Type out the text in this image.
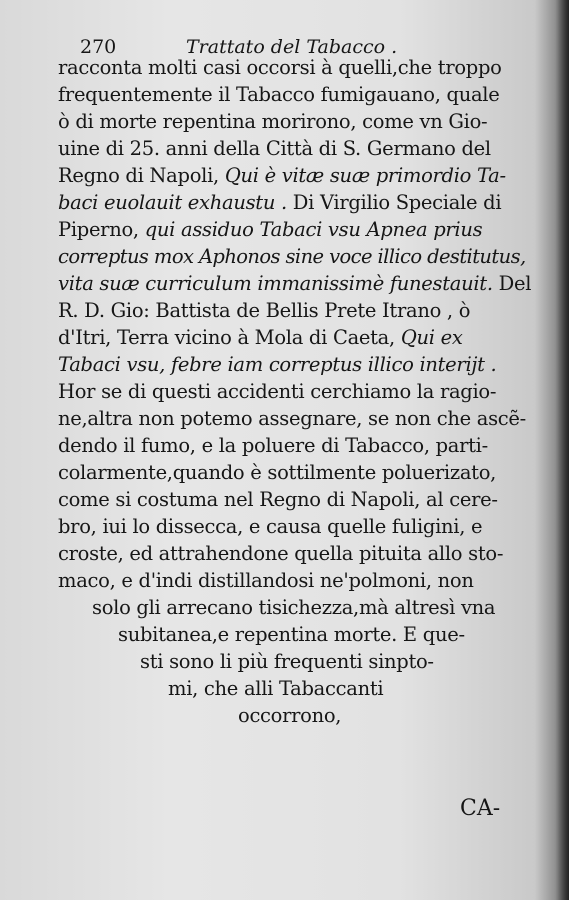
270	Trattato del Tabacco .
racconta molti casi occorsi à quelli,che troppo
frequentemente il Tabacco fumigauano, quale
ò di morte repentina morirono, come vn Gio-
uine di 25. anni della Città di S. Germano del
Regno di Napoli, Qui è vitæ suæ primordio Ta-
baci euolauit exhaustu . Di Virgilio Speciale di
Piperno, qui assiduo Tabaci vsu Apnea prius
correptus mox Aphonos sine voce illico destitutus,
vita suæ curriculum immanissimè funestauit. Del
R. D. Gio: Battista de Bellis Prete Itrano , ò
d'Itri, Terra vicino à Mola di Caeta, Qui ex
Tabaci vsu, febre iam correptus illico interijt .
Hor se di questi accidenti cerchiamo la ragio-
ne,altra non potemo assegnare, se non che ascẽ-
dendo il fumo, e la poluere di Tabacco, parti-
colarmente,quando è sottilmente poluerizato,
come si costuma nel Regno di Napoli, al cere-
bro, iui lo dissecca, e causa quelle fuligini, e
croste, ed attrahendone quella pituita allo sto-
maco, e d'indi distillandosi ne'polmoni, non
solo gli arrecano tisichezza,mà altresì vna
subitanea,e repentina morte. E que-
sti sono li più frequenti sinpto-
mi, che alli Tabaccanti
occorrono,
CA-
